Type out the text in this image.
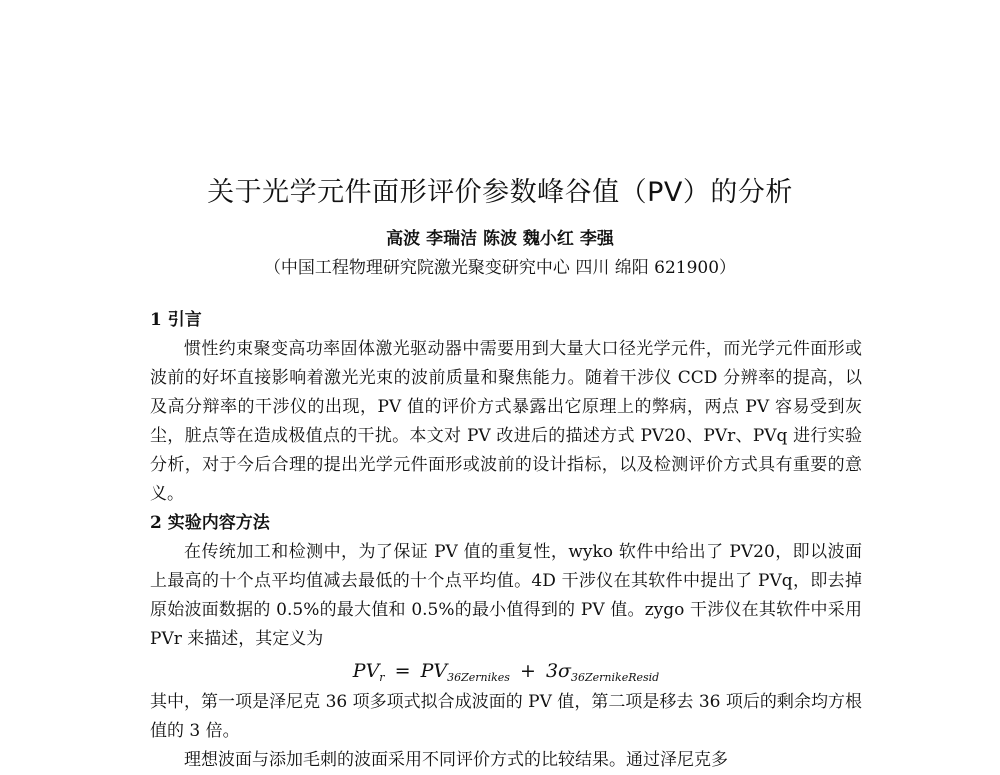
关于光学元件面形评价参数峰谷值（PV）的分析
高波 李瑞洁 陈波 魏小红 李强
（中国工程物理研究院激光聚变研究中心 四川 绵阳 621900）

1 引言

惯性约束聚变高功率固体激光驱动器中需要用到大量大口径光学元件，而光学元件面形或波前的好坏直接影响着激光光束的波前质量和聚焦能力。随着干涉仪 CCD 分辨率的提高，以及高分辩率的干涉仪的出现，PV 值的评价方式暴露出它原理上的弊病，两点 PV 容易受到灰尘，脏点等在造成极值点的干扰。本文对 PV 改进后的描述方式 PV20、PVr、PVq 进行实验分析，对于今后合理的提出光学元件面形或波前的设计指标，以及检测评价方式具有重要的意义。

2 实验内容方法

在传统加工和检测中，为了保证 PV 值的重复性，wyko 软件中给出了 PV20，即以波面上最高的十个点平均值减去最低的十个点平均值。4D 干涉仪在其软件中提出了 PVq，即去掉原始波面数据的 0.5%的最大值和 0.5%的最小值得到的 PV 值。zygo 干涉仪在其软件中采用 PVr 来描述，其定义为

$PV_r = PV_{36Zernikes} + 3\sigma_{36ZernikeResid}$

其中，第一项是泽尼克 36 项多项式拟合成波面的 PV 值，第二项是移去 36 项后的剩余均方根值的 3 倍。

理想波面与添加毛刺的波面采用不同评价方式的比较结果。通过泽尼克多
